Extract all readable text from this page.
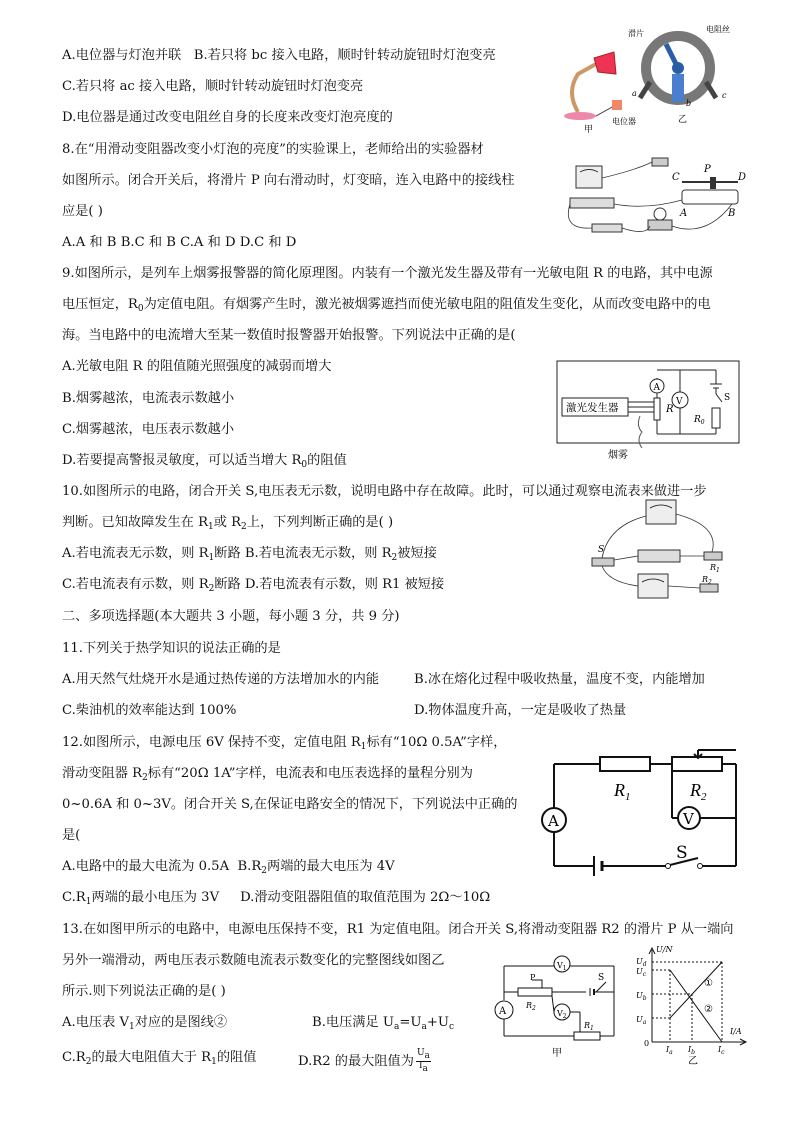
A.电位器与灯泡并联 B.若只将 bc 接入电路，顺时针转动旋钮时灯泡变亮
C.若只将 ac 接入电路，顺时针转动旋钮时灯泡变亮
D.电位器是通过改变电阻丝自身的长度来改变灯泡亮度的	电位器
甲
滑片	电阻丝
a
b
c
乙
8.在“用滑动变阻器改变小灯泡的亮度”的实验课上，老师给出的实验器材
如图所示。闭合开关后，将滑片 P 向右滑动时，灯变暗，连入电路中的接线柱
应是( )
A.A 和 B B.C 和 B C.A 和 D D.C 和 D
C
P
D
A	B
9.如图所示，是列车上烟雾报警器的简化原理图。内装有一个激光发生器及带有一光敏电阻 R 的电路，其中电源
电压恒定，$R_0$为定值电阻。有烟雾产生时，激光被烟雾遮挡而使光敏电阻的阻值发生变化，从而改变电路中的电
海。当电路中的电流增大至某一数值时报警器开始报警。下列说法中正确的是(
A.光敏电阻 R 的阻值随光照强度的减弱而增大
B.烟雾越浓，电流表示数越小
C.烟雾越浓，电压表示数越小
D.若要提高警报灵敏度，可以适当增大 $R_0$的阻值
激光发生器
烟雾
R
A
V	S
$R_0$
10.如图所示的电路，闭合开关 S,电压表无示数，说明电路中存在故障。此时，可以通过观察电流表来做进一步
判断。已知故障发生在 $R_1$或 $R_2$上，下列判断正确的是( )
A.若电流表无示数，则 $R_1$断路 B.若电流表无示数，则 $R_2$被短接
C.若电流表有示数，则 $R_2$断路 D.若电流表有示数，则 R1 被短接
S
$R_1$
$R_2$
二、多项选择题(本大题共 3 小题，每小题 3 分，共 9 分)
11.下列关于热学知识的说法正确的是
A.用天然气灶烧开水是通过热传递的方法增加水的内能	B.冰在熔化过程中吸收热量，温度不变，内能增加
C.柴油机的效率能达到 100%	D.物体温度升高，一定是吸收了热量
12.如图所示，电源电压 6V 保持不变，定值电阻 $R_1$标有“10Ω 0.5A”字样，
滑动变阻器 $R_2$标有“20Ω 1A”字样，电流表和电压表选择的量程分别为
0~0.6A 和 0~3V。闭合开关 S,在保证电路安全的情况下，下列说法中正确的
是(
A.电路中的最大电流为 0.5A $B.R_2$两端的最大电压为 4V
$C.R_1$两端的最小电压为 3V D.滑动变阻器阻值的取值范围为 2Ω～10Ω
$R_1$	$R_2$
V
A
S
13.在如图甲所示的电路中，电源电压保持不变，R1 为定值电阻。闭合开关 S,将滑动变阻器 R2 的滑片 P 从一端向
另外一端滑动，两电压表示数随电流表示数变化的完整图线如图乙
所示.则下列说法正确的是( )
A.电压表 $V_1$对应的是图线②	B.电压满足 $U_a=U_a+U_c$
$C.R_2$的最大电阻值大于 $R_1$的阻值	D.R2 的最大阻值为 $\frac{U_a}{I_a}$
A
$V_1$
P
$R_2$
S
$V_2$
$R_1$
甲
U/N
I/A
0
$U_d$
$U_c$
$U_b$
$U_a$
$I_a$ $I_b$	$I_c$
①
②
乙
